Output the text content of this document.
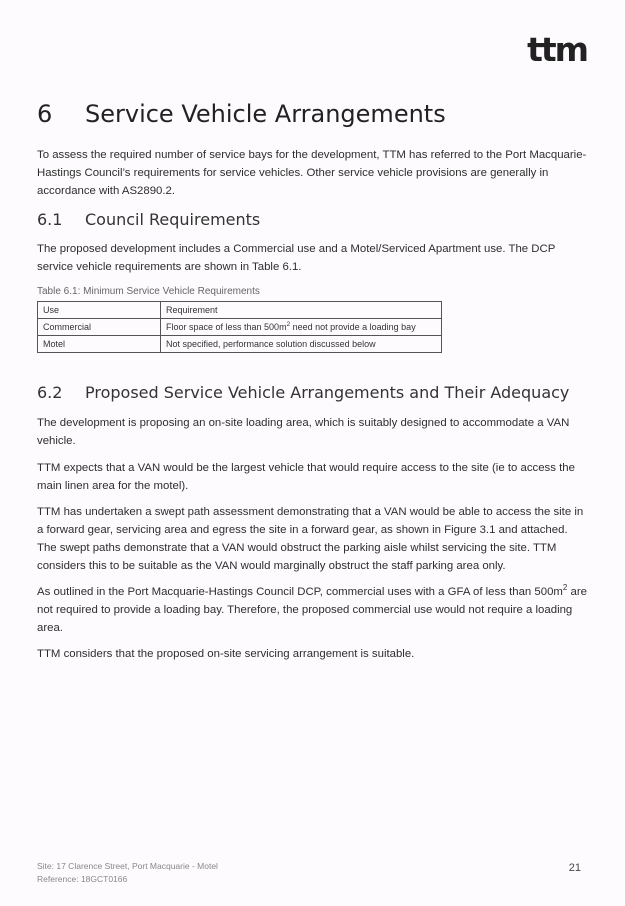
ttm
6 Service Vehicle Arrangements

To assess the required number of service bays for the development, TTM has referred to the Port Macquarie-Hastings Council’s requirements for service vehicles. Other service vehicle provisions are generally in accordance with AS2890.2.

6.1 Council Requirements

The proposed development includes a Commercial use and a Motel/Serviced Apartment use. The DCP service vehicle requirements are shown in Table 6.1.

Table 6.1: Minimum Service Vehicle Requirements
Use	Requirement
Commercial	Floor space of less than $500m^2$ need not provide a loading bay
Motel	Not specified, performance solution discussed below
6.2 Proposed Service Vehicle Arrangements and Their Adequacy

The development is proposing an on-site loading area, which is suitably designed to accommodate a VAN vehicle.

TTM expects that a VAN would be the largest vehicle that would require access to the site (ie to access the main linen area for the motel).

TTM has undertaken a swept path assessment demonstrating that a VAN would be able to access the site in a forward gear, servicing area and egress the site in a forward gear, as shown in Figure 3.1 and attached. The swept paths demonstrate that a VAN would obstruct the parking aisle whilst servicing the site. TTM considers this to be suitable as the VAN would marginally obstruct the staff parking area only.

As outlined in the Port Macquarie-Hastings Council DCP, commercial uses with a GFA of less than $500m^2$ are not required to provide a loading bay. Therefore, the proposed commercial use would not require a loading area.

TTM considers that the proposed on-site servicing arrangement is suitable.

Site: 17 Clarence Street, Port Macquarie - Motel
Reference: 18GCT0166
21
